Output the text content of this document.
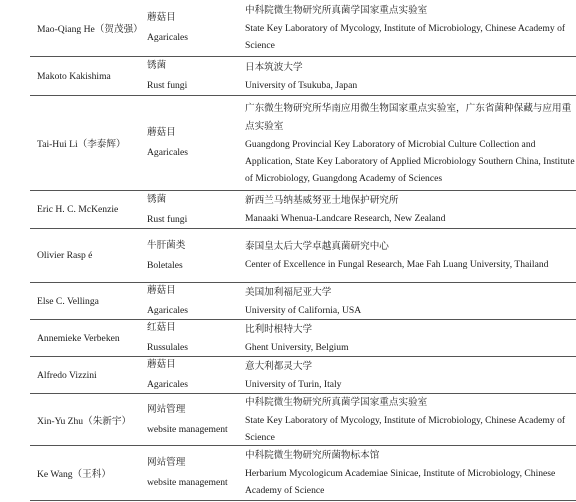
Mao-Qiang He（贺茂强）
蘑菇目
Agaricales
中科院微生物研究所真菌学国家重点实验室
State Key Laboratory of Mycology, Institute of Microbiology, Chinese Academy of Science
Makoto Kakishima
锈菌
Rust fungi
日本筑波大学
University of Tsukuba, Japan
Tai-Hui Li（李泰辉）
蘑菇目
Agaricales
广东微生物研究所华南应用微生物国家重点实验室，广东省菌种保藏与应用重点实验室
Guangdong Provincial Key Laboratory of Microbial Culture Collection and Application, State Key Laboratory of Applied Microbiology Southern China, Institute of Microbiology, Guangdong Academy of Sciences
Eric H. C. McKenzie
锈菌
Rust fungi
新西兰马纳基威努亚土地保护研究所
Manaaki Whenua-Landcare Research, New Zealand
Olivier Rasp é
牛肝菌类
Boletales
泰国皇太后大学卓越真菌研究中心
Center of Excellence in Fungal Research, Mae Fah Luang University, Thailand
Else C. Vellinga
蘑菇目
Agaricales
美国加利福尼亚大学
University of California, USA
Annemieke Verbeken
红菇目
Russulales
比利时根特大学
Ghent University, Belgium
Alfredo Vizzini
蘑菇目
Agaricales
意大利都灵大学
University of Turin, Italy
Xin-Yu Zhu（朱新宇）
网站管理
website management
中科院微生物研究所真菌学国家重点实验室
State Key Laboratory of Mycology, Institute of Microbiology, Chinese Academy of Science
Ke Wang（王科）
网站管理
website management
中科院微生物研究所菌物标本馆
Herbarium Mycologicum Academiae Sinicae, Institute of Microbiology, Chinese Academy of Science
